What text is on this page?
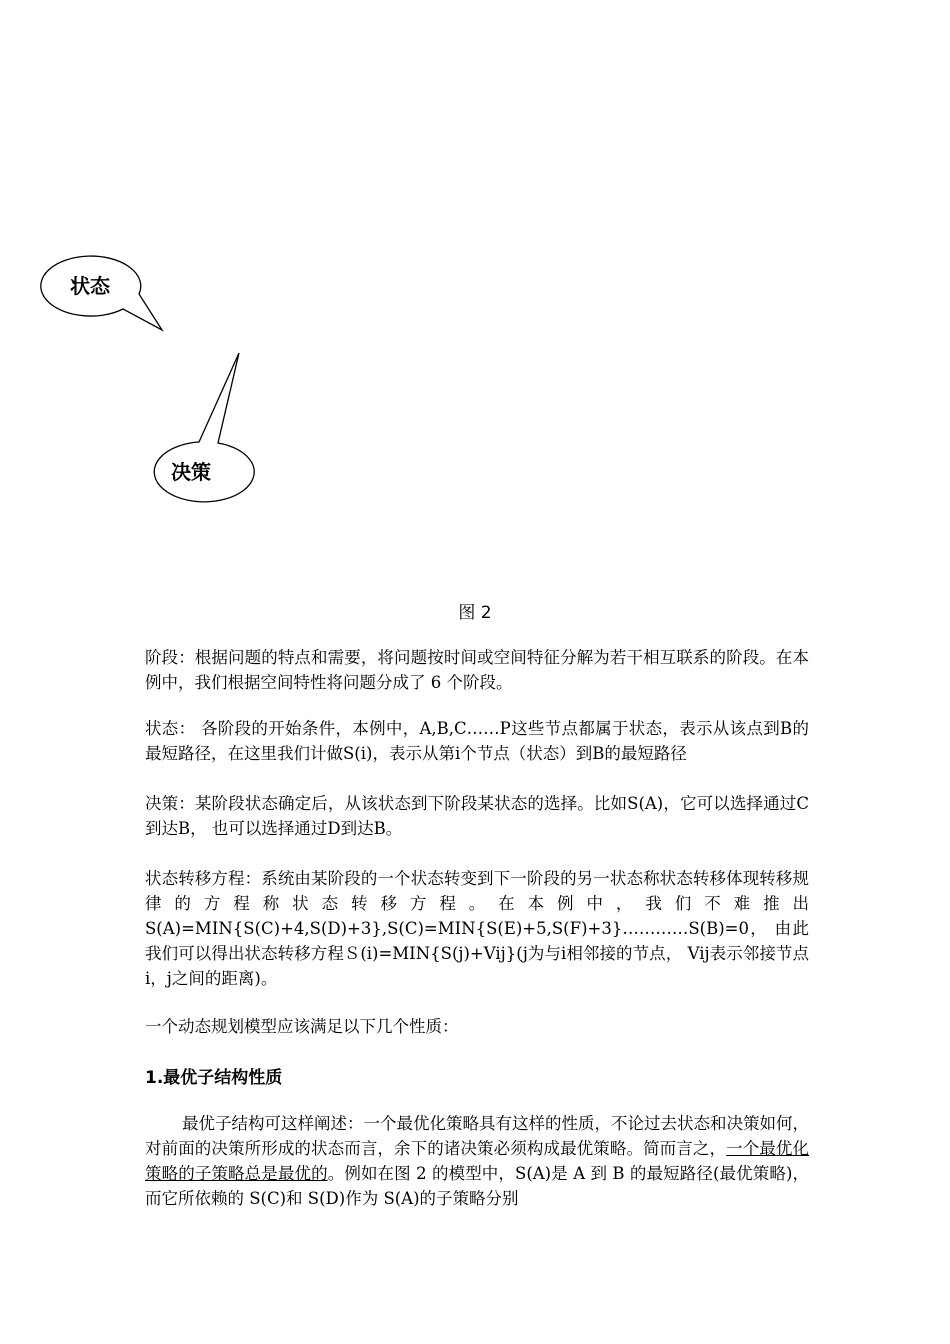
状态
决策
图 2

阶段：根据问题的特点和需要，将问题按时间或空间特征分解为若干相互联系的阶段。在本例中，我们根据空间特性将问题分成了 6 个阶段。

状态： 各阶段的开始条件，本例中，A,B,C……P这些节点都属于状态，表示从该点到B的最短路径，在这里我们计做S(i)，表示从第i个节点（状态）到B的最短路径

决策：某阶段状态确定后，从该状态到下阶段某状态的选择。比如S(A)，它可以选择通过C到达B， 也可以选择通过D到达B。

状态转移方程：系统由某阶段的一个状态转变到下一阶段的另一状态称状态转移体现转移规律的方程称状态转移方程。在本例中，我们不难推出S(A)=MIN{S(C)+4,S(D)+3},S(C)=MIN{S(E)+5,S(F)+3}…………S(B)=0， 由此我们可以得出状态转移方程Ｓ(i)=MIN{S(j)+Vij}(j为与i相邻接的节点， Vij表示邻接节点i，j之间的距离)。

一个动态规划模型应该满足以下几个性质：

1.最优子结构性质

最优子结构可这样阐述：一个最优化策略具有这样的性质，不论过去状态和决策如何，对前面的决策所形成的状态而言，余下的诸决策必须构成最优策略。简而言之，一个最优化策略的子策略总是最优的。例如在图 2 的模型中，S(A)是 A 到 B 的最短路径(最优策略)，而它所依赖的 S(C)和 S(D)作为 S(A)的子策略分别
